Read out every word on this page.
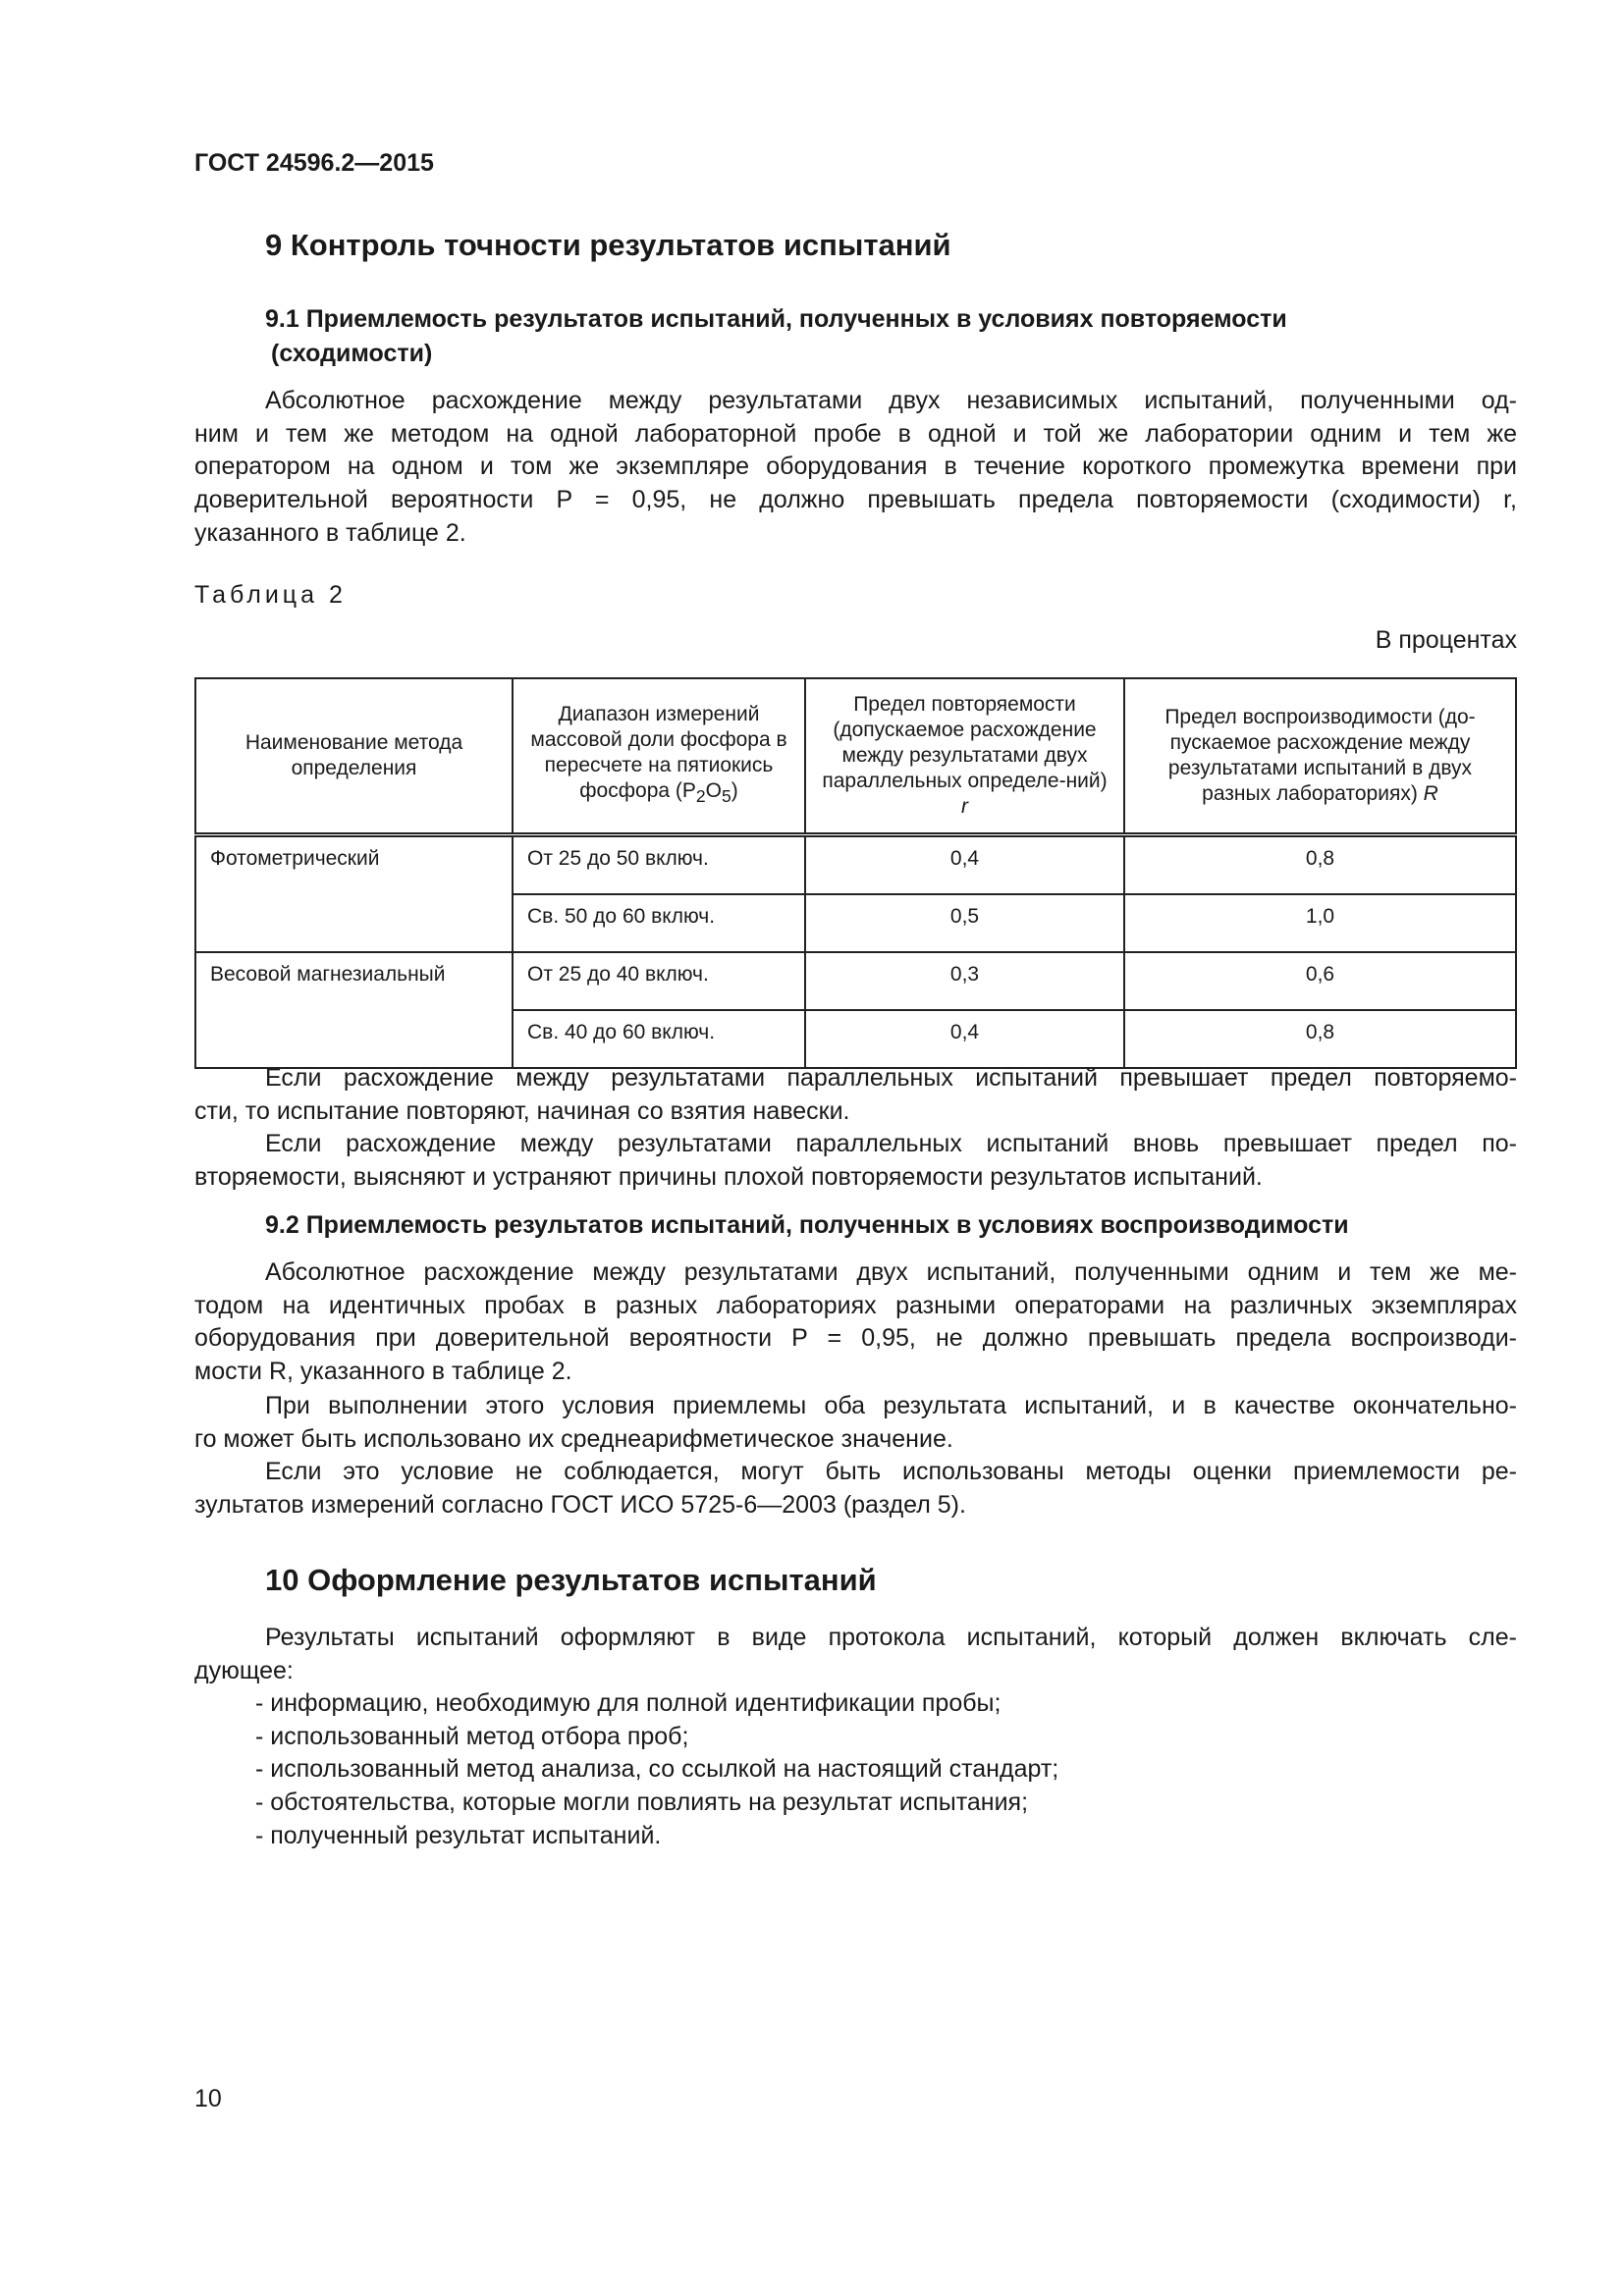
ГОСТ 24596.2—2015
9 Контроль точности результатов испытаний
9.1 Приемлемость результатов испытаний, полученных в условиях повторяемости
(сходимости)
Абсолютное расхождение между результатами двух независимых испытаний, полученными од-
ним и тем же методом на одной лабораторной пробе в одной и той же лаборатории одним и тем же
оператором на одном и том же экземпляре оборудования в течение короткого промежутка времени при
доверительной вероятности P = 0,95, не должно превышать предела повторяемости (сходимости) r,
указанного в таблице 2.
Таблица 2
В процентах
Наименование метода определения	Диапазон измерений массовой доли фосфора в пересчете на пятиокись фосфора $(P_2O_5)$	Предел повторяемости (допускаемое расхождение между результатами двух параллельных определе-ний) r	Предел воспроизводимости (до-пускаемое расхождение между результатами испытаний в двух разных лабораториях) R
Фотометрический	От 25 до 50 включ.	0,4	0,8
	Св. 50 до 60 включ.	0,5	1,0
Весовой магнезиальный	От 25 до 40 включ.	0,3	0,6
	Св. 40 до 60 включ.	0,4	0,8
Если расхождение между результатами параллельных испытаний превышает предел повторяемо-
сти, то испытание повторяют, начиная со взятия навески.
Если расхождение между результатами параллельных испытаний вновь превышает предел по-
вторяемости, выясняют и устраняют причины плохой повторяемости результатов испытаний.
9.2 Приемлемость результатов испытаний, полученных в условиях воспроизводимости
Абсолютное расхождение между результатами двух испытаний, полученными одним и тем же ме-
тодом на идентичных пробах в разных лабораториях разными операторами на различных экземплярах
оборудования при доверительной вероятности P = 0,95, не должно превышать предела воспроизводи-
мости R, указанного в таблице 2.
При выполнении этого условия приемлемы оба результата испытаний, и в качестве окончательно-
го может быть использовано их среднеарифметическое значение.
Если это условие не соблюдается, могут быть использованы методы оценки приемлемости ре-
зультатов измерений согласно ГОСТ ИСО 5725-6—2003 (раздел 5).
10 Оформление результатов испытаний
Результаты испытаний оформляют в виде протокола испытаний, который должен включать сле-
дующее:
- информацию, необходимую для полной идентификации пробы;
- использованный метод отбора проб;
- использованный метод анализа, со ссылкой на настоящий стандарт;
- обстоятельства, которые могли повлиять на результат испытания;
- полученный результат испытаний.
10
